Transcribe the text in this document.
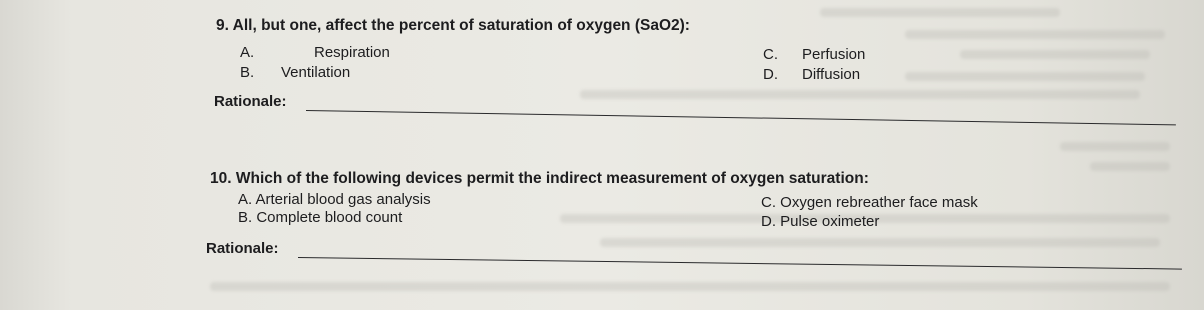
9. All, but one, affect the percent of saturation of oxygen (SaO2):
A.	Respiration
B. Ventilation
C. Perfusion
D. Diffusion
Rationale:
10. Which of the following devices permit the indirect measurement of oxygen saturation:
A. Arterial blood gas analysis
B. Complete blood count
C. Oxygen rebreather face mask
D. Pulse oximeter
Rationale:
